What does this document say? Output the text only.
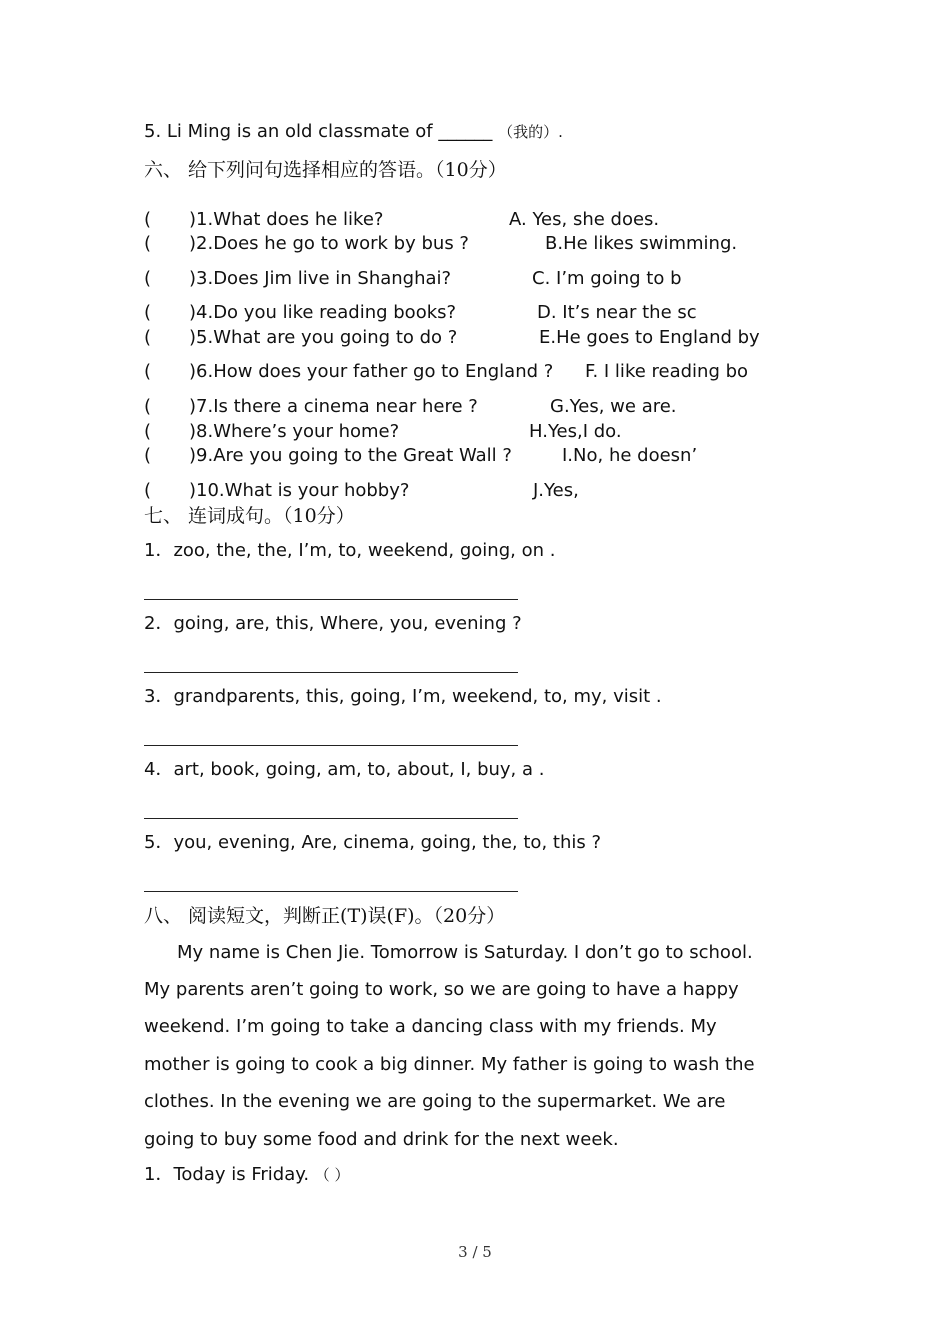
5. Li Ming is an old classmate of ______ （我的）.
六、 给下列问句选择相应的答语。（10分）
( )1.What does he like?	A. Yes, she does.
( )2.Does he go to work by bus ?	B.He likes swimming.
( )3.Does Jim live in Shanghai?	C. I’m going to b
( )4.Do you like reading books?	D. It’s near the sc
( )5.What are you going to do ?	E.He goes to England by
( )6.How does your father go to England ? F. I like reading bo
( )7.Is there a cinema near here ?	G.Yes, we are.
( )8.Where’s your home?	H.Yes,I do.
( )9.Are you going to the Great Wall ?	I.No, he doesn’
( )10.What is your hobby?	J.Yes,
七、 连词成句。（10分）
1．zoo, the, the, I’m, to, weekend, going, on .
2．going, are, this, Where, you, evening ?
3．grandparents, this, going, I’m, weekend, to, my, visit .
4．art, book, going, am, to, about, I, buy, a .
5．you, evening, Are, cinema, going, the, to, this ?
八、 阅读短文，判断正(T)误(F)。（20分）
My name is Chen Jie. Tomorrow is Saturday. I don’t go to school.
My parents aren’t going to work, so we are going to have a happy
weekend. I’m going to take a dancing class with my friends. My
mother is going to cook a big dinner. My father is going to wash the
clothes. In the evening we are going to the supermarket. We are
going to buy some food and drink for the next week.
1．Today is Friday. （ ）
3 / 5
